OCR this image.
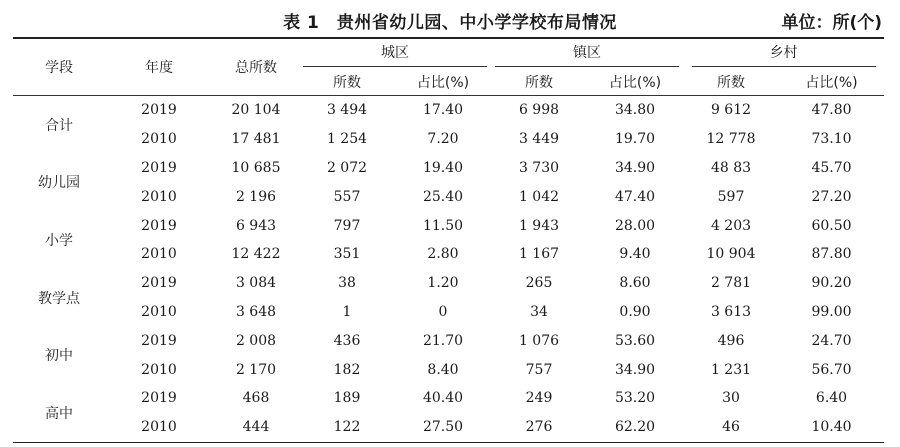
表 1　贵州省幼儿园、中小学学校布局情况	单位：所(个)
学段	年度	总所数	城区		镇区		乡村	
			所数	占比(%)	所数	占比(%)	所数	占比(%)
合计	2019	20 104	3 494	17.40	6 998	34.80	9 612	47.80
	2010	17 481	1 254	7.20	3 449	19.70	12 778	73.10
幼儿园	2019	10 685	2 072	19.40	3 730	34.90	48 83	45.70
	2010	2 196	557	25.40	1 042	47.40	597	27.20
小学	2019	6 943	797	11.50	1 943	28.00	4 203	60.50
	2010	12 422	351	2.80	1 167	9.40	10 904	87.80
教学点	2019	3 084	38	1.20	265	8.60	2 781	90.20
	2010	3 648	1	0	34	0.90	3 613	99.00
初中	2019	2 008	436	21.70	1 076	53.60	496	24.70
	2010	2 170	182	8.40	757	34.90	1 231	56.70
高中	2019	468	189	40.40	249	53.20	30	6.40
	2010	444	122	27.50	276	62.20	46	10.40
